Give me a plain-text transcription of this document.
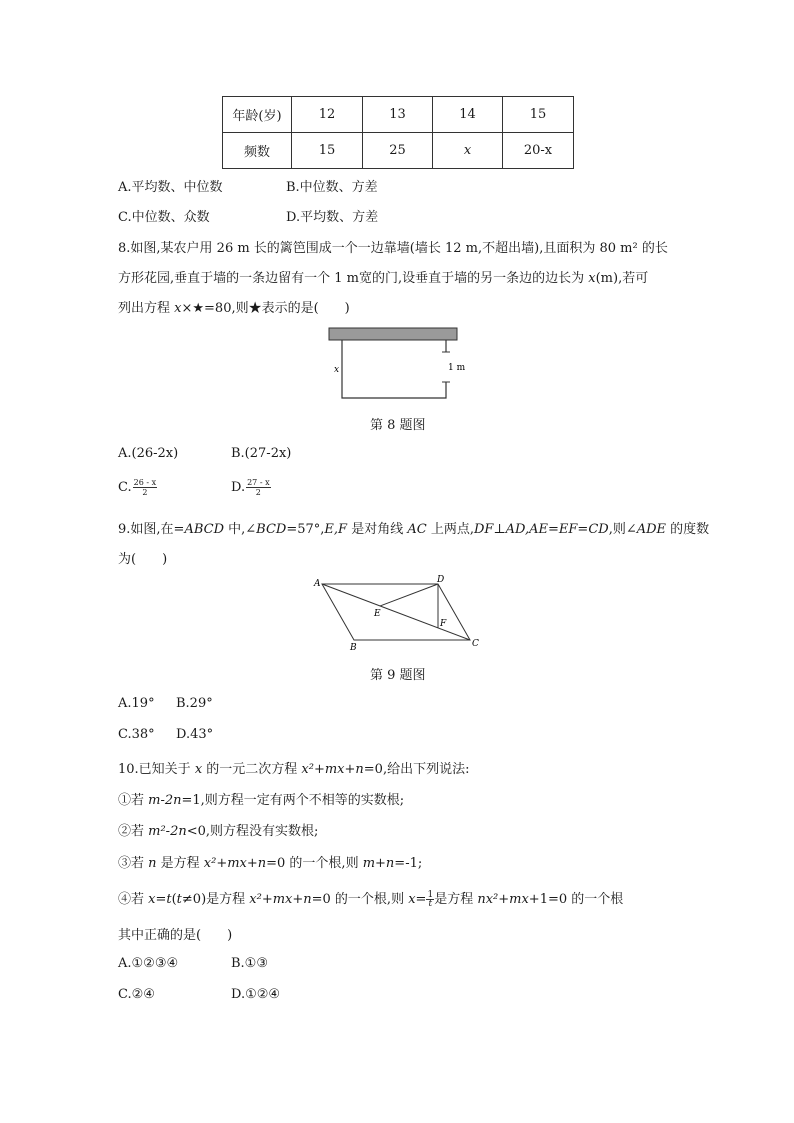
年龄(岁)	12	13	14	15
频数	15	25	x	20-x
A.平均数、中位数	B.中位数、方差
C.中位数、众数	D.平均数、方差
8.如图,某农户用 26 m 长的篱笆围成一个一边靠墙(墙长 12 m,不超出墙),且面积为 80 m² 的长
方形花园,垂直于墙的一条边留有一个 1 m宽的门,设垂直于墙的另一条边的边长为 x(m),若可
列出方程 x×★=80,则★表示的是(　　)
x	1 m
第 8 题图
A.(26-2x)	B.(27-2x)
C. $\frac{26 - x}{2}$	D. $\frac{27 - x}{2}$
9.如图,在=ABCD 中,∠BCD=57°,E,F 是对角线 AC 上两点,DF⊥AD,AE=EF=CD,则∠ADE 的度数
为(　　)
A
B	C
D
E
F
第 9 题图
A.19° B.29°
C.38° D.43°
10.已知关于 x 的一元二次方程 x²+mx+n=0,给出下列说法:
①若 m-2n=1,则方程一定有两个不相等的实数根;
②若 m²-2n<0,则方程没有实数根;
③若 n 是方程 x²+mx+n=0 的一个根,则 m+n=-1;
④若 x=t(t≠0)是方程 x²+mx+n=0 的一个根,则 $x= \frac{1}{t}$ 是方程 nx²+mx+1=0 的一个根
其中正确的是(　　)
A.①②③④	B.①③
C.②④	D.①②④
